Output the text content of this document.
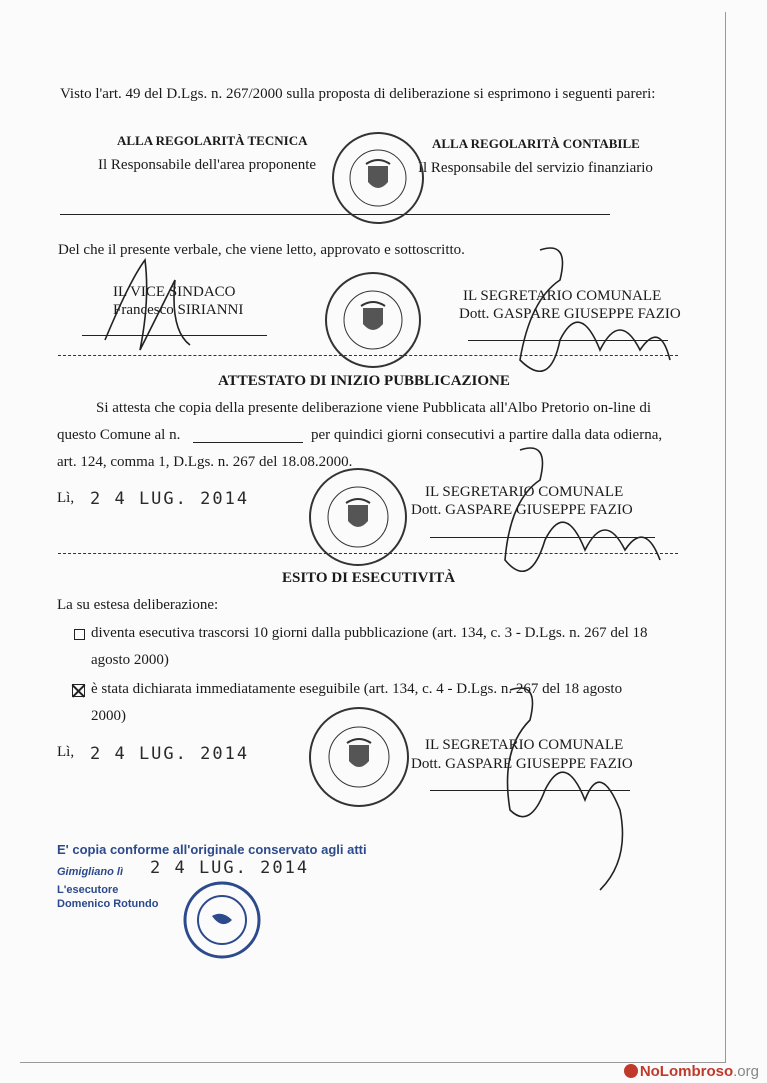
Visto l'art. 49 del D.Lgs. n. 267/2000 sulla proposta di deliberazione si esprimono i seguenti pareri:
ALLA REGOLARITÀ TECNICA	ALLA REGOLARITÀ CONTABILE
Il Responsabile dell'area proponente	Il Responsabile del servizio finanziario
Del che il presente verbale, che viene letto, approvato e sottoscritto.
IL VICE SINDACO
Francesco SIRIANNI
IL SEGRETARIO COMUNALE
Dott. GASPARE GIUSEPPE FAZIO
ATTESTATO DI INIZIO PUBBLICAZIONE
Si attesta che copia della presente deliberazione viene Pubblicata all'Albo Pretorio on-line di
questo Comune al n.	per quindici giorni consecutivi a partire dalla data odierna,
art. 124, comma 1, D.Lgs. n. 267 del 18.08.2000.
Lì, 2 4 LUG. 2014	IL SEGRETARIO COMUNALE
Dott. GASPARE GIUSEPPE FAZIO
ESITO DI ESECUTIVITÀ
La su estesa deliberazione:
diventa esecutiva trascorsi 10 giorni dalla pubblicazione (art. 134, c. 3 - D.Lgs. n. 267 del 18
agosto 2000)
è stata dichiarata immediatamente eseguibile (art. 134, c. 4 - D.Lgs. n. 267 del 18 agosto
2000)
Lì, 2 4 LUG. 2014	IL SEGRETARIO COMUNALE
Dott. GASPARE GIUSEPPE FAZIO
E' copia conforme all'originale conservato agli atti
Gimigliano lì 2 4 LUG. 2014
L'esecutore
Domenico Rotundo
NoLombroso.org
